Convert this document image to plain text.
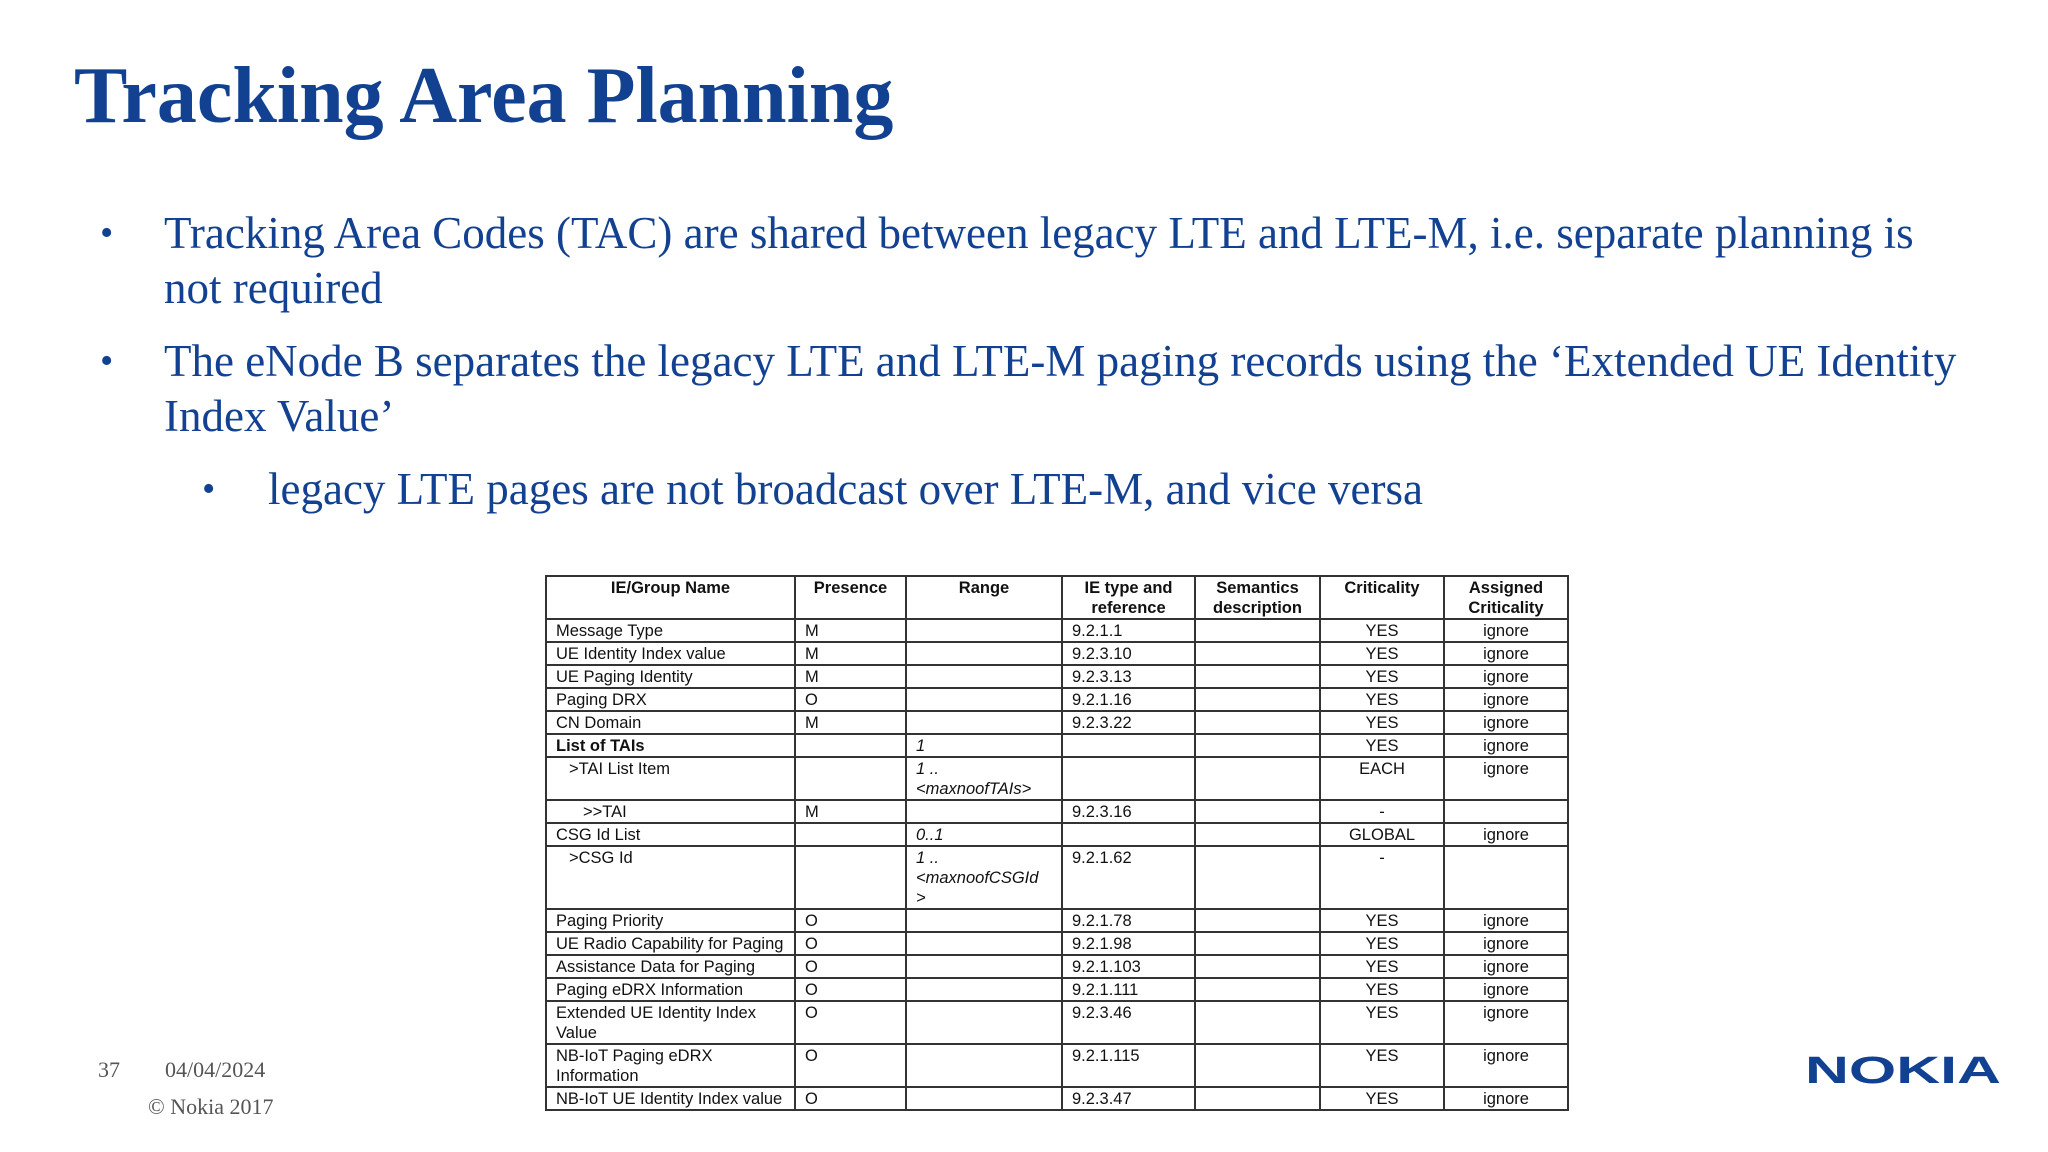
Tracking Area Planning
• Tracking Area Codes (TAC) are shared between legacy LTE and LTE-M, i.e. separate planning is not required
• The eNode B separates the legacy LTE and LTE-M paging records using the ‘Extended UE Identity Index Value’
• legacy LTE pages are not broadcast over LTE-M, and vice versa
IE/Group Name	Presence	Range	IE type and reference	Semantics description	Criticality	Assigned Criticality
Message Type	M		9.2.1.1		YES	ignore
UE Identity Index value	M		9.2.3.10		YES	ignore
UE Paging Identity	M		9.2.3.13		YES	ignore
Paging DRX	O		9.2.1.16		YES	ignore
CN Domain	M		9.2.3.22		YES	ignore
List of TAIs		1			YES	ignore
>TAI List Item		1 .. <maxnoofTAIs>			EACH	ignore
>>TAI	M		9.2.3.16		-	
CSG Id List		0..1			GLOBAL	ignore
>CSG Id		1 .. <maxnoofCSGId >	9.2.1.62		-	
Paging Priority	O		9.2.1.78		YES	ignore
UE Radio Capability for Paging	O		9.2.1.98		YES	ignore
Assistance Data for Paging	O		9.2.1.103		YES	ignore
Paging eDRX Information	O		9.2.1.111		YES	ignore
Extended UE Identity Index Value	O		9.2.3.46		YES	ignore
NB-IoT Paging eDRX Information	O		9.2.1.115		YES	ignore
NB-IoT UE Identity Index value	O		9.2.3.47		YES	ignore
37 04/04/2024
© Nokia 2017
NOKIA
